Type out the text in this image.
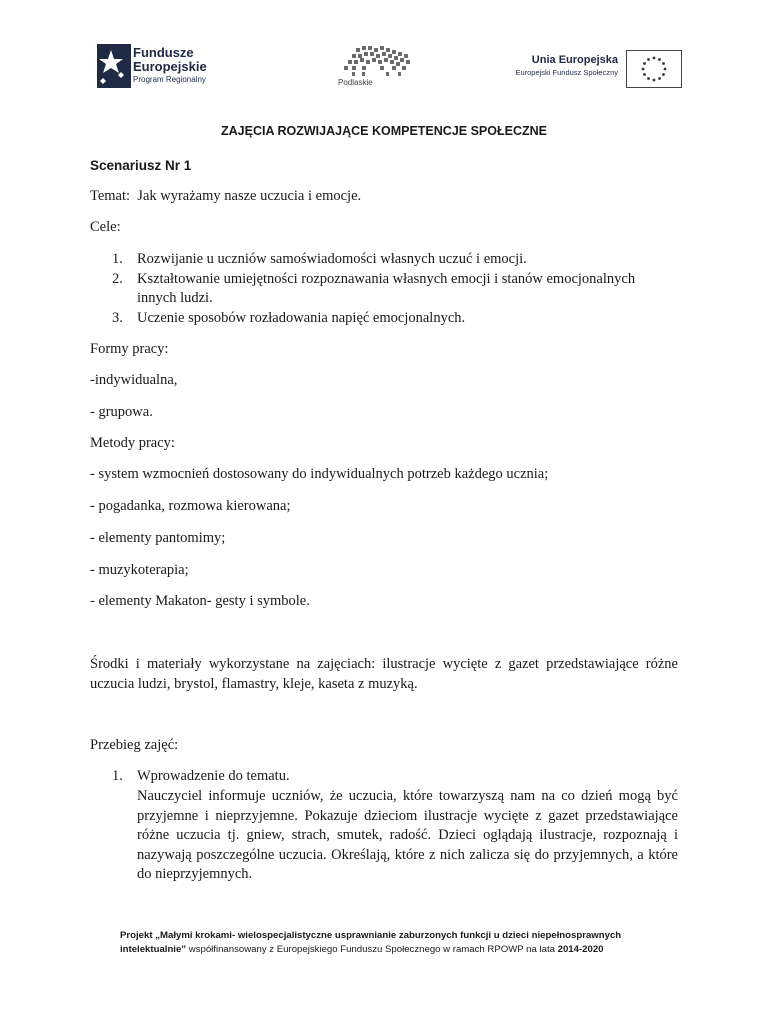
Fundusze
Europejskie
Program Regionalny	Podlaskie
Unia Europejska
Europejski Fundusz Społeczny
ZAJĘCIA ROZWIJAJĄCE KOMPETENCJE SPOŁECZNE
Scenariusz Nr 1
Temat:  Jak wyrażamy nasze uczucia i emocje.
Cele:
1. Rozwijanie u uczniów samoświadomości własnych uczuć i emocji.
2. Kształtowanie umiejętności rozpoznawania własnych emocji i stanów emocjonalnych
innych ludzi.
3. Uczenie sposobów rozładowania napięć emocjonalnych.
Formy pracy:
-indywidualna,
- grupowa.
Metody pracy:
- system wzmocnień dostosowany do indywidualnych potrzeb każdego ucznia;
- pogadanka, rozmowa kierowana;
- elementy pantomimy;
- muzykoterapia;
- elementy Makaton- gesty i symbole.
Środki i materiały wykorzystane na zajęciach: ilustracje wycięte z gazet przedstawiające różne uczucia ludzi, brystol, flamastry, kleje, kaseta z muzyką.
Przebieg zajęć:
1. Wprowadzenie do tematu.
Nauczyciel informuje uczniów, że uczucia, które towarzyszą nam na co dzień mogą być przyjemne i nieprzyjemne. Pokazuje dzieciom ilustracje wycięte z gazet przedstawiające różne uczucia tj. gniew, strach, smutek, radość. Dzieci oglądają ilustracje, rozpoznają i nazywają poszczególne uczucia. Określają, które z nich zalicza się do przyjemnych, a które do nieprzyjemnych.
Projekt „Małymi krokami- wielospecjalistyczne usprawnianie zaburzonych funkcji u dzieci niepełnosprawnych intelektualnie” współfinansowany z Europejskiego Funduszu Społecznego w ramach RPOWP na lata 2014-2020
